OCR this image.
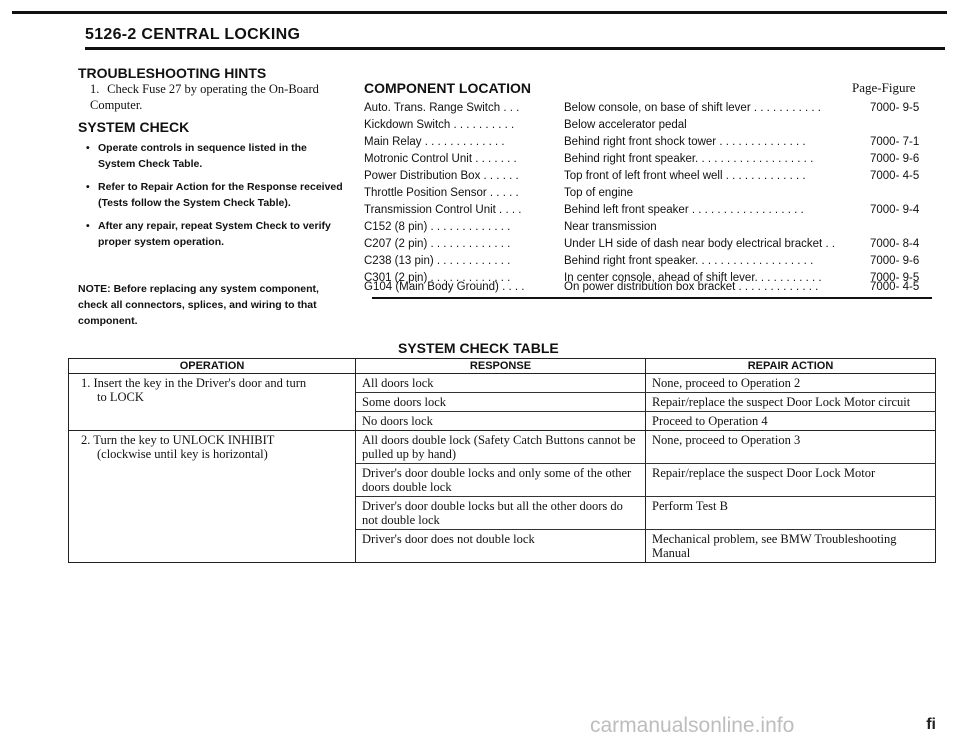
5126-2 CENTRAL LOCKING
TROUBLESHOOTING HINTS
1. Check Fuse 27 by operating the On-Board Computer.
SYSTEM CHECK
• Operate controls in sequence listed in the System Check Table.
• Refer to Repair Action for the Response received (Tests follow the System Check Table).
• After any repair, repeat System Check to verify proper system operation.
NOTE: Before replacing any system component, check all connectors, splices, and wiring to that component.
COMPONENT LOCATION	Page-Figure
Auto. Trans. Range Switch . . .	Below console, on base of shift lever . . . . . . . . . . .	7000- 9-5
Kickdown Switch . . . . . . . . . .	Below accelerator pedal
Main Relay . . . . . . . . . . . . .	Behind right front shock tower . . . . . . . . . . . . . .	7000- 7-1
Motronic Control Unit . . . . . . .	Behind right front speaker. . . . . . . . . . . . . . . . . . .	7000- 9-6
Power Distribution Box . . . . . .	Top front of left front wheel well . . . . . . . . . . . . .	7000- 4-5
Throttle Position Sensor . . . . .	Top of engine
Transmission Control Unit . . . .	Behind left front speaker . . . . . . . . . . . . . . . . . .	7000- 9-4
C152 (8 pin) . . . . . . . . . . . . .	Near transmission
C207 (2 pin) . . . . . . . . . . . . .	Under LH side of dash near body electrical bracket . .	7000- 8-4
C238 (13 pin) . . . . . . . . . . . .	Behind right front speaker. . . . . . . . . . . . . . . . . . .	7000- 9-6
C301 (2 pin) . . . . . . . . . . . . .	In center console, ahead of shift lever. . . . . . . . . . .	7000- 9-5
G104 (Main Body Ground) . . . .	On power distribution box bracket . . . . . . . . . . . . .	7000- 4-5
SYSTEM CHECK TABLE
OPERATION	RESPONSE	REPAIR ACTION

1. Insert the key in the Driver's door and turn
to LOCK	All doors lock	None, proceed to Operation 2
	Some doors lock	Repair/replace the suspect Door Lock Motor circuit
	No doors lock	Proceed to Operation 4

2. Turn the key to UNLOCK INHIBIT
(clockwise until key is horizontal)	All doors double lock (Safety Catch Buttons cannot be pulled up by hand)	None, proceed to Operation 3
	Driver's door double locks and only some of the other doors double lock	Repair/replace the suspect Door Lock Motor
	Driver's door double locks but all the other doors do not double lock	Perform Test B
	Driver's door does not double lock	Mechanical problem, see BMW Troubleshooting Manual
carmanualsonline.info	fi
